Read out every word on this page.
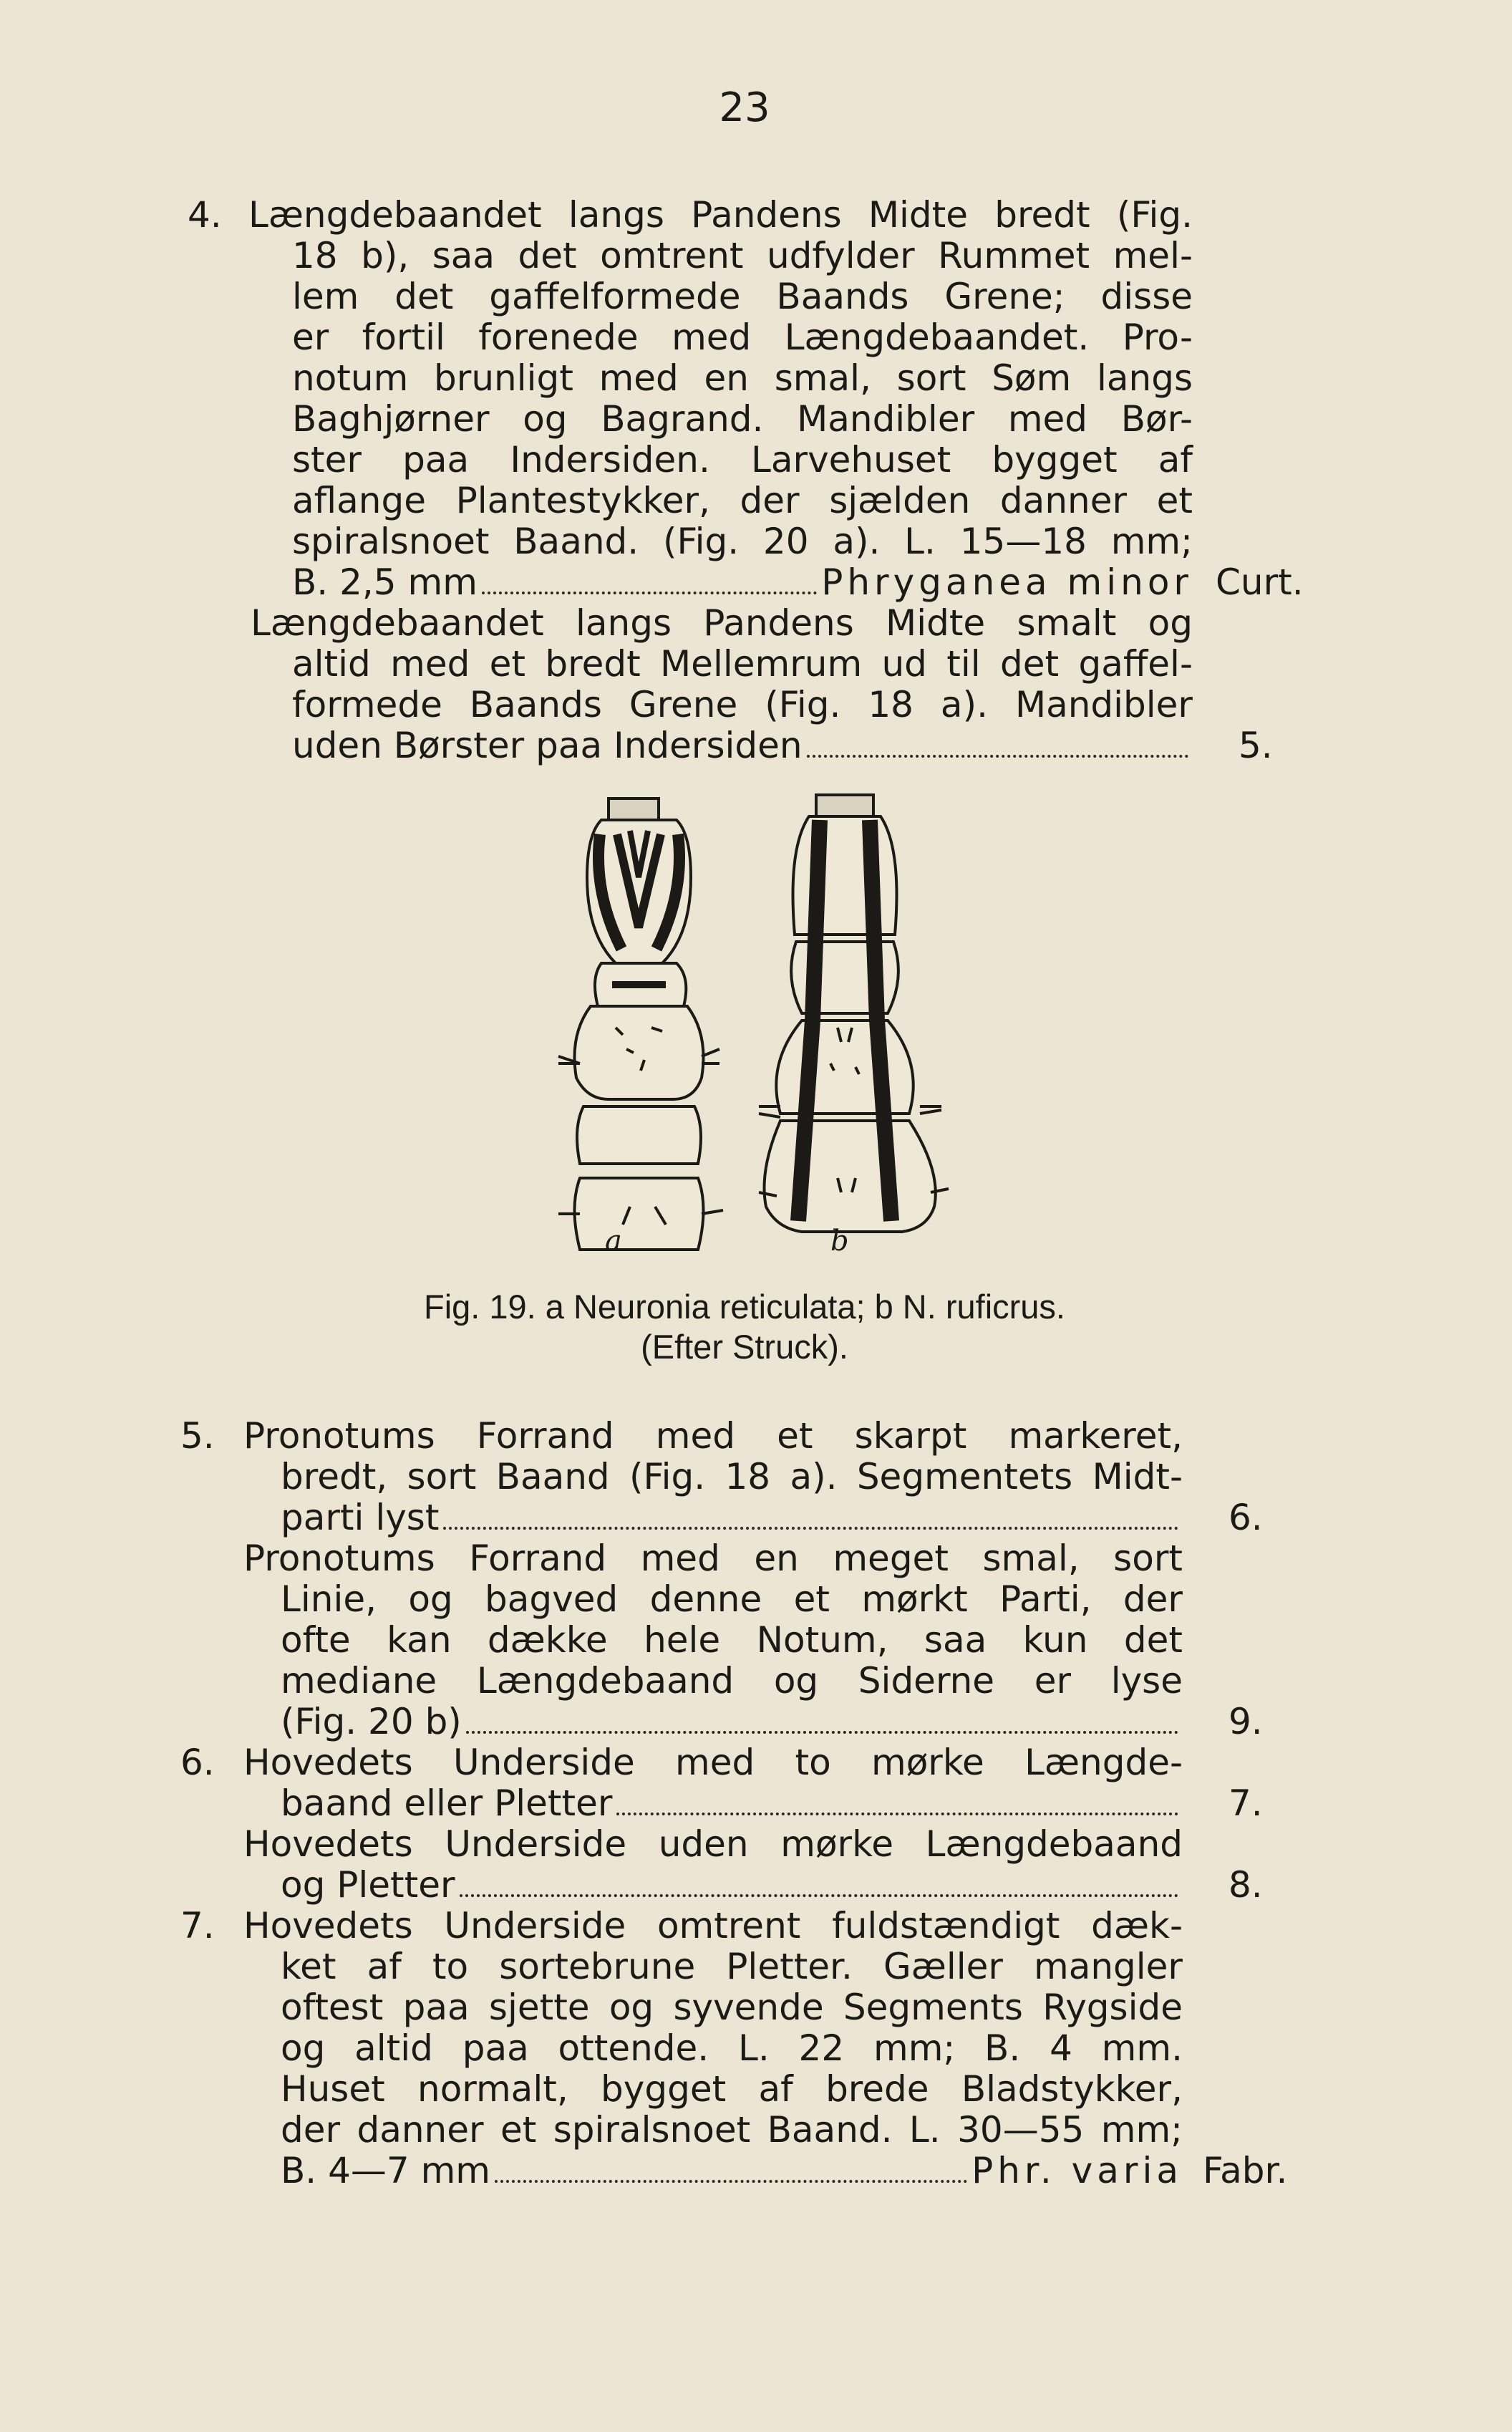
23
4. Længdebaandet langs Pandens Midte bredt (Fig.
18 b), saa det omtrent udfylder Rummet mel-
lem det gaffelformede Baands Grene; disse
er fortil forenede med Længdebaandet. Pro-
notum brunligt med en smal, sort Søm langs
Baghjørner og Bagrand. Mandibler med Bør-
ster paa Indersiden. Larvehuset bygget af
aflange Plantestykker, der sjælden danner et
spiralsnoet Baand. (Fig. 20 a). L. 15—18 mm;
B. 2,5 mm	Phryganea minor Curt.
Længdebaandet langs Pandens Midte smalt og
altid med et bredt Mellemrum ud til det gaffel-
formede Baands Grene (Fig. 18 a). Mandibler
uden Børster paa Indersiden	5.
a	b
Fig. 19. a Neuronia reticulata; b N. ruficrus.
(Efter Struck).
5. Pronotums Forrand med et skarpt markeret,
bredt, sort Baand (Fig. 18 a). Segmentets Midt-
parti lyst	6.
Pronotums Forrand med en meget smal, sort
Linie, og bagved denne et mørkt Parti, der
ofte kan dække hele Notum, saa kun det
mediane Længdebaand og Siderne er lyse
(Fig. 20 b)	9.
6. Hovedets Underside med to mørke Længde-
baand eller Pletter	7.
Hovedets Underside uden mørke Længdebaand
og Pletter	8.
7. Hovedets Underside omtrent fuldstændigt dæk-
ket af to sortebrune Pletter. Gæller mangler
oftest paa sjette og syvende Segments Rygside
og altid paa ottende. L. 22 mm; B. 4 mm.
Huset normalt, bygget af brede Bladstykker,
der danner et spiralsnoet Baand. L. 30—55 mm;
B. 4—7 mm	Phr. varia Fabr.
